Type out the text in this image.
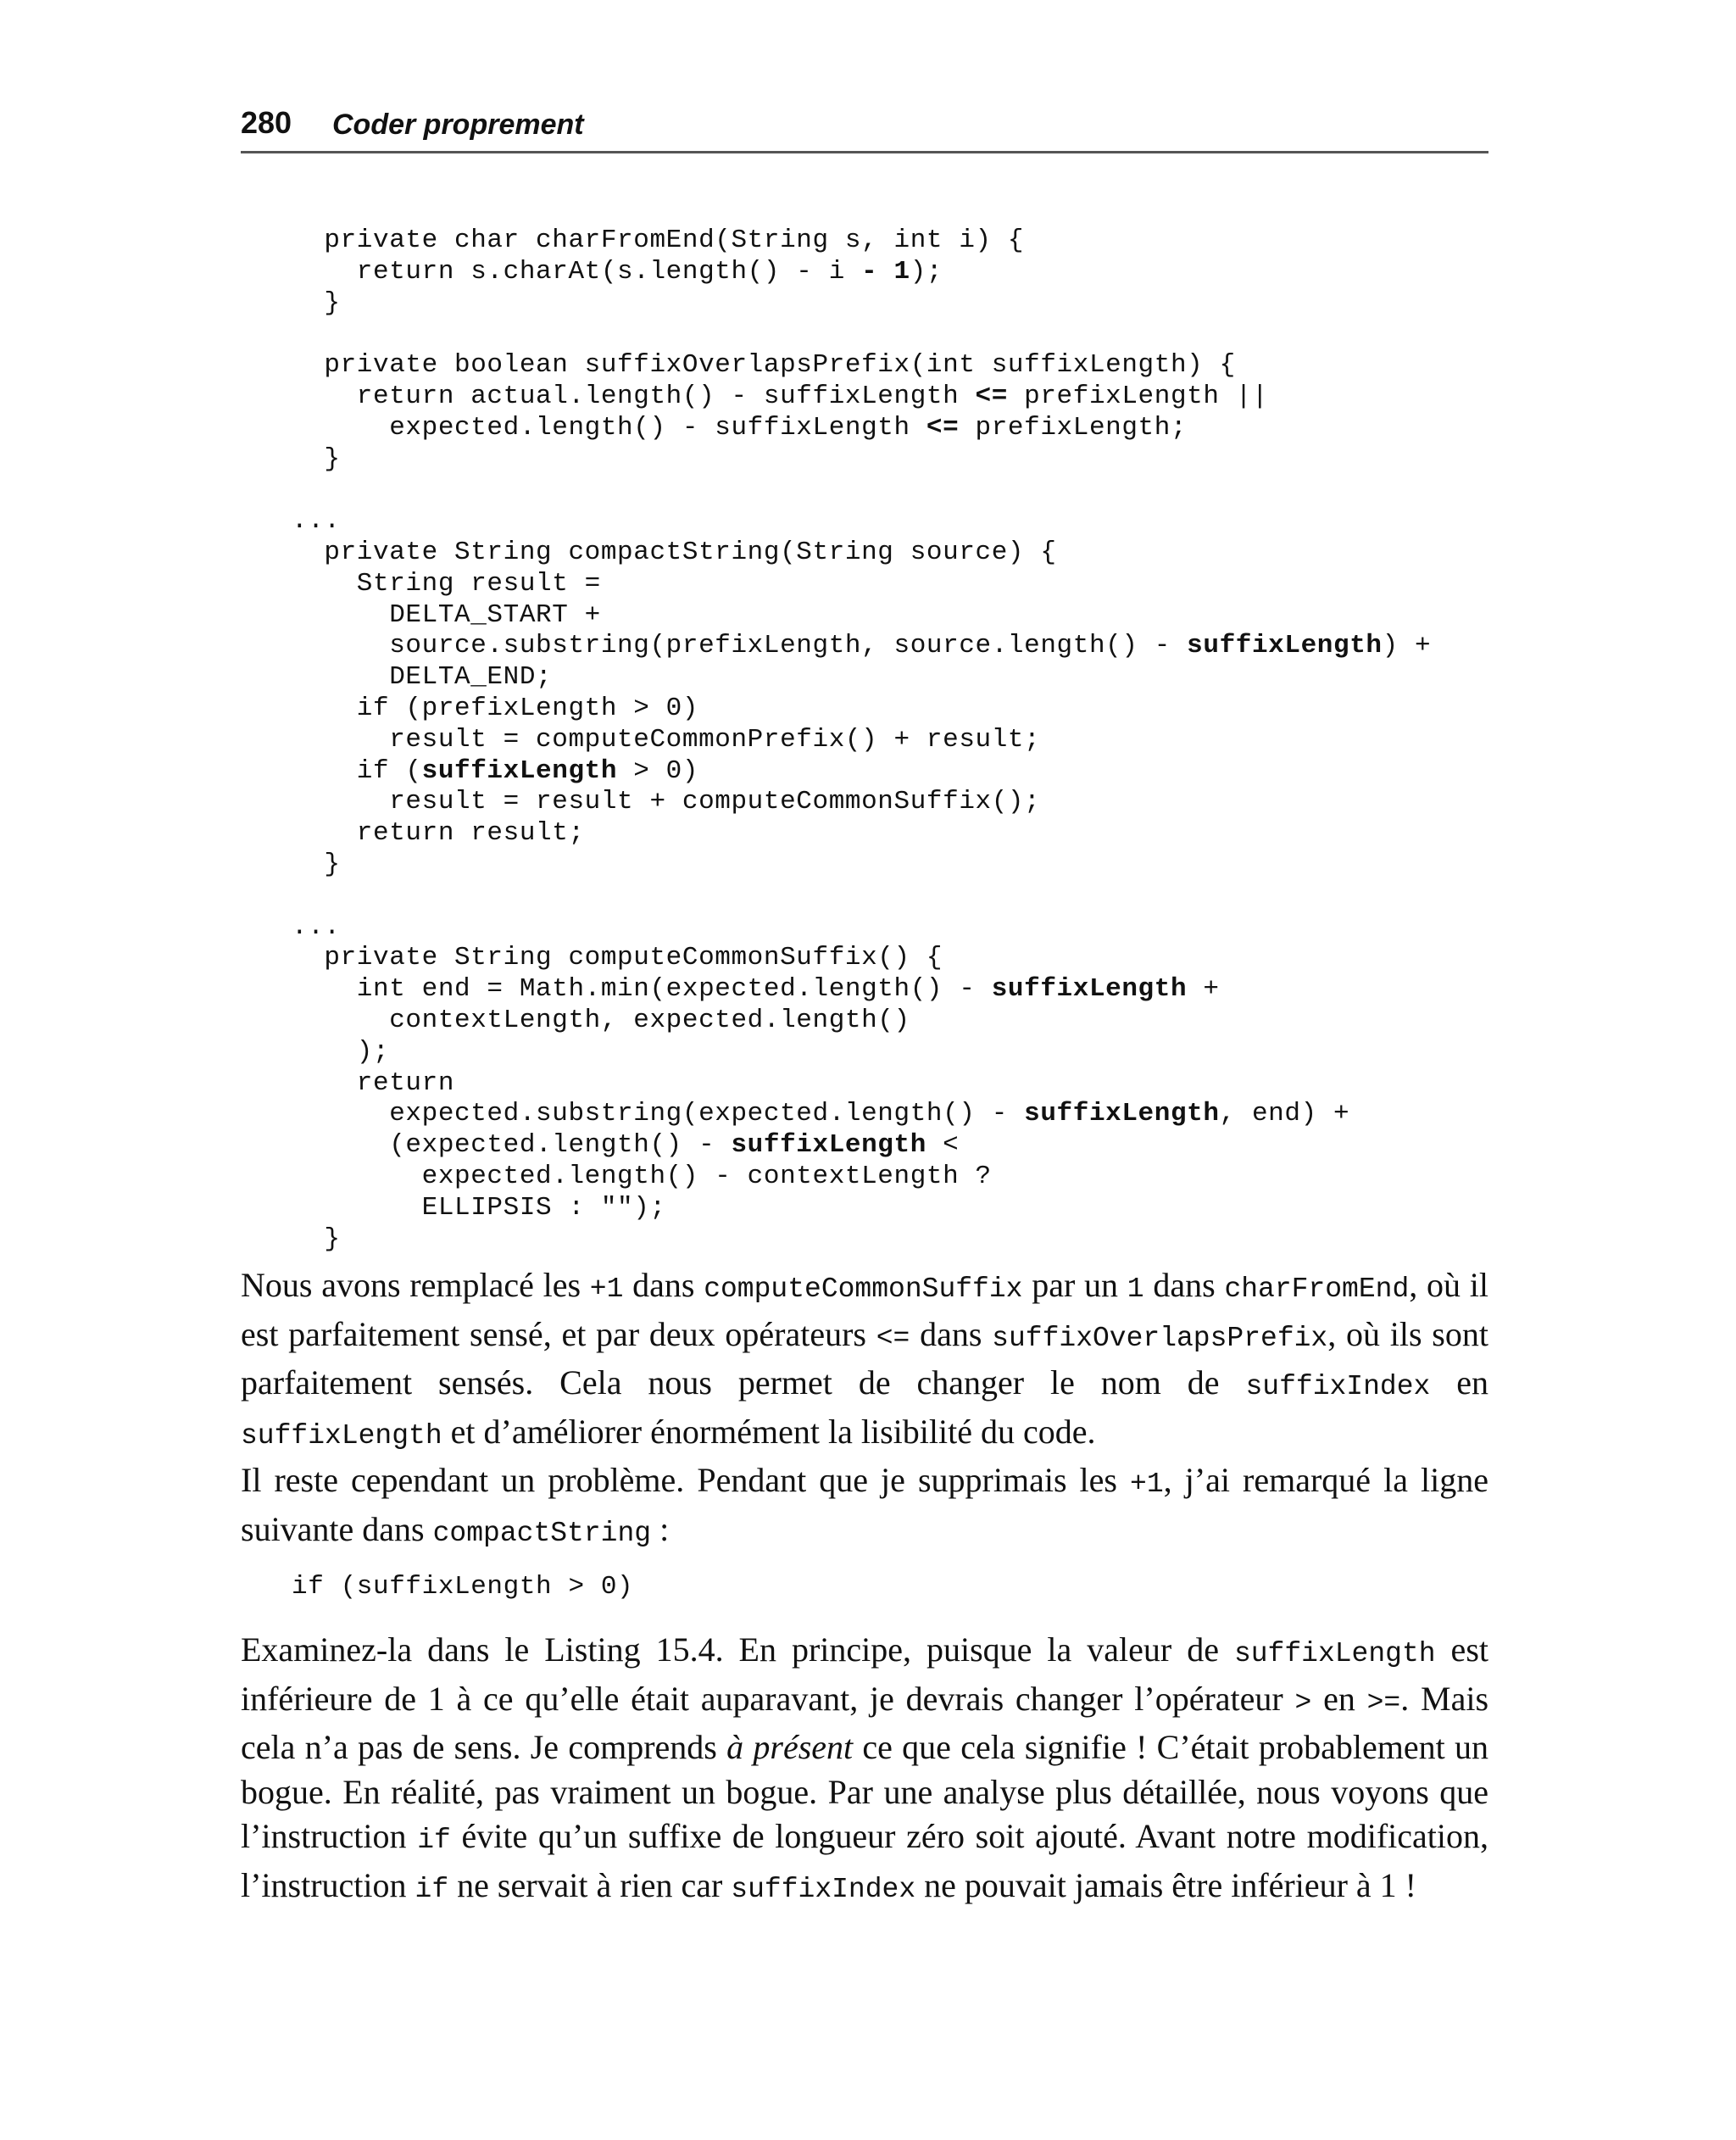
280 Coder proprement
private char charFromEnd(String s, int i) {
return s.charAt(s.length() - i - 1);
}
private boolean suffixOverlapsPrefix(int suffixLength) {
return actual.length() - suffixLength <= prefixLength ||
expected.length() - suffixLength <= prefixLength;
}
...
private String compactString(String source) {
String result =
DELTA_START +
source.substring(prefixLength, source.length() - suffixLength) +
DELTA_END;
if (prefixLength > 0)
result = computeCommonPrefix() + result;
if (suffixLength > 0)
result = result + computeCommonSuffix();
return result;
}
...
private String computeCommonSuffix() {
int end = Math.min(expected.length() - suffixLength +
contextLength, expected.length()
);
return
expected.substring(expected.length() - suffixLength, end) +
(expected.length() - suffixLength <
expected.length() - contextLength ?
ELLIPSIS : "");
}

Nous avons remplacé les +1 dans computeCommonSuffix par un 1 dans charFromEnd, où il est parfaitement sensé, et par deux opérateurs <= dans suffixOverlapsPrefix, où ils sont parfaitement sensés. Cela nous permet de changer le nom de suffixIndex en suffixLength et d’améliorer énormément la lisibilité du code.

Il reste cependant un problème. Pendant que je supprimais les +1, j’ai remarqué la ligne suivante dans compactString :

if (suffixLength > 0)

Examinez-la dans le Listing 15.4. En principe, puisque la valeur de suffixLength est inférieure de 1 à ce qu’elle était auparavant, je devrais changer l’opérateur > en >=. Mais cela n’a pas de sens. Je comprends à présent ce que cela signifie ! C’était probablement un bogue. En réalité, pas vraiment un bogue. Par une analyse plus détaillée, nous voyons que l’instruction if évite qu’un suffixe de longueur zéro soit ajouté. Avant notre modification, l’instruction if ne servait à rien car suffixIndex ne pouvait jamais être inférieur à 1 !
